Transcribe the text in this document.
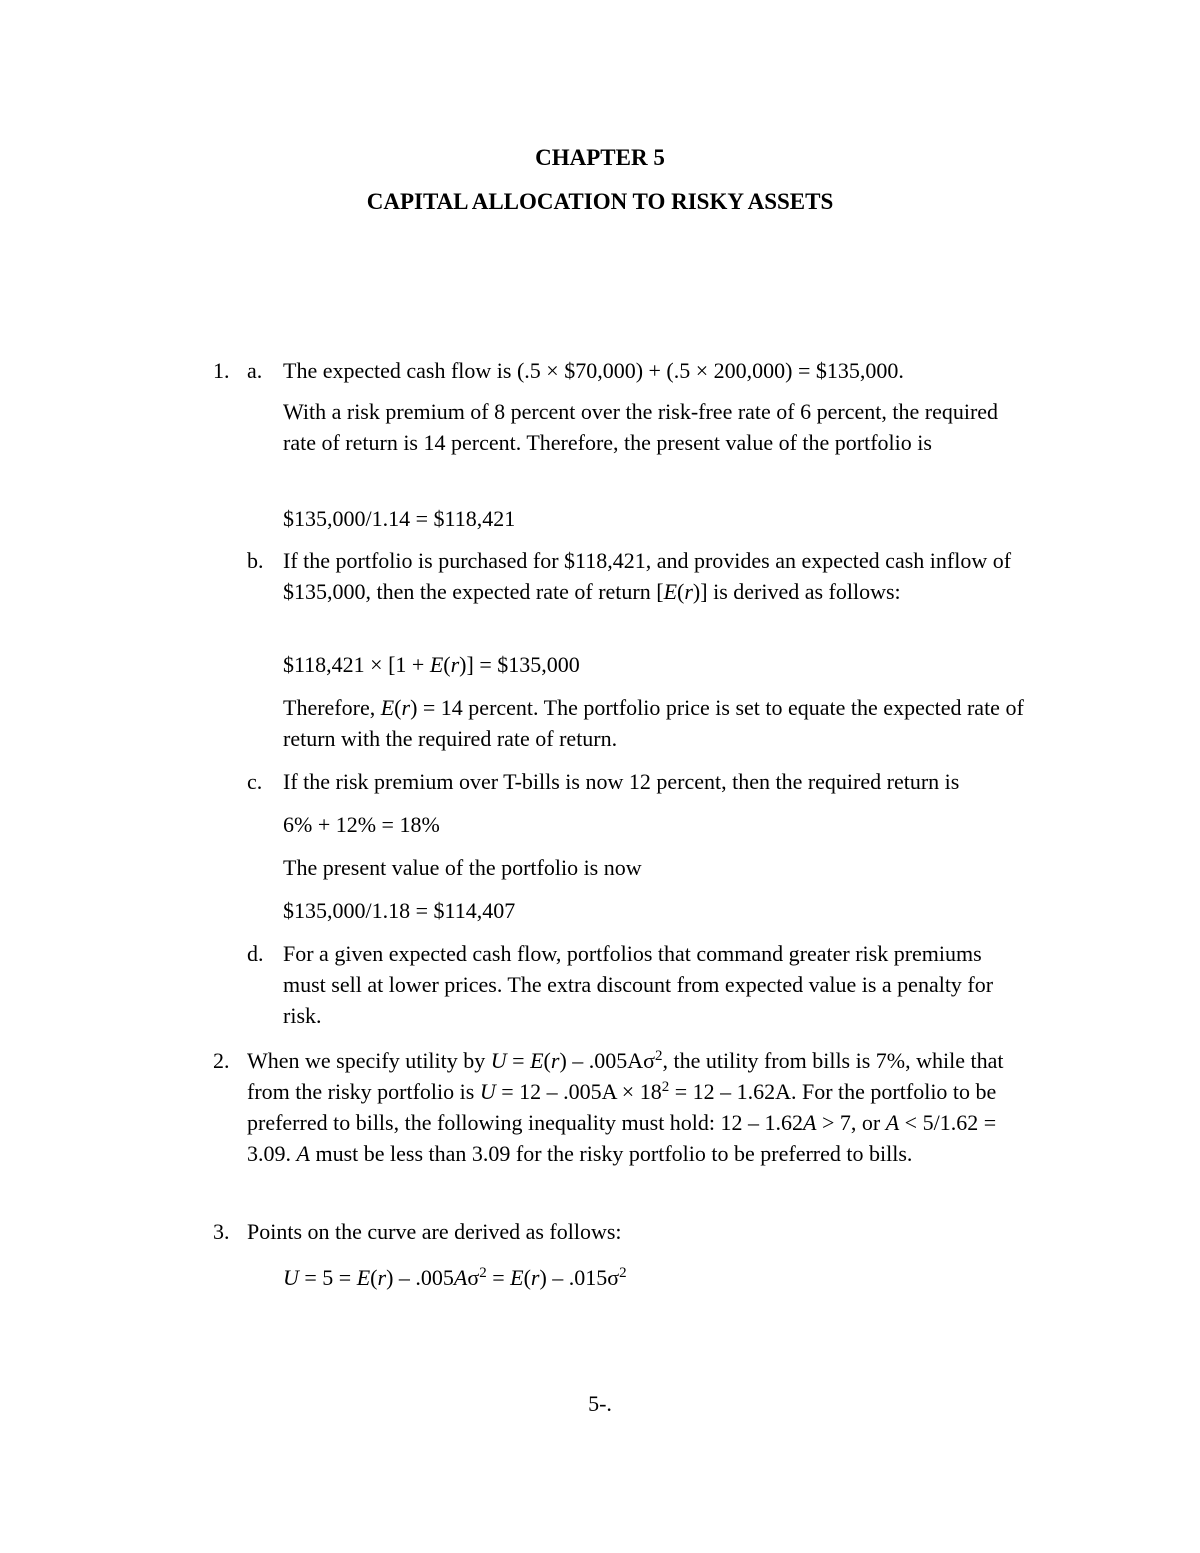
CHAPTER 5
CAPITAL ALLOCATION TO RISKY ASSETS
1. a. The expected cash flow is (.5 × $70,000) + (.5 × 200,000) = $135,000.
With a risk premium of 8 percent over the risk-free rate of 6 percent, the required rate of return is 14 percent. Therefore, the present value of the portfolio is
$135,000/1.14 = $118,421
b. If the portfolio is purchased for $118,421, and provides an expected cash inflow of $135,000, then the expected rate of return [E(r)] is derived as follows:
$118,421 × [1 + E(r)] = $135,000
Therefore, E(r) = 14 percent. The portfolio price is set to equate the expected rate of return with the required rate of return.
c. If the risk premium over T-bills is now 12 percent, then the required return is
6% + 12% = 18%
The present value of the portfolio is now
$135,000/1.18 = $114,407
d. For a given expected cash flow, portfolios that command greater risk premiums must sell at lower prices. The extra discount from expected value is a penalty for risk.
2. When we specify utility by $U = E(r) - .005A\sigma^2$, the utility from bills is 7%, while that from the risky portfolio is $U = 12 - .005A \times 18^2 = 12 - 1.62A$. For the portfolio to be preferred to bills, the following inequality must hold: 12 – 1.62A > 7, or A < 5/1.62 = 3.09. A must be less than 3.09 for the risky portfolio to be preferred to bills.
3. Points on the curve are derived as follows:
$U = 5 = E(r) - .005A\sigma^2 = E(r) - .015\sigma^2$
5-.
